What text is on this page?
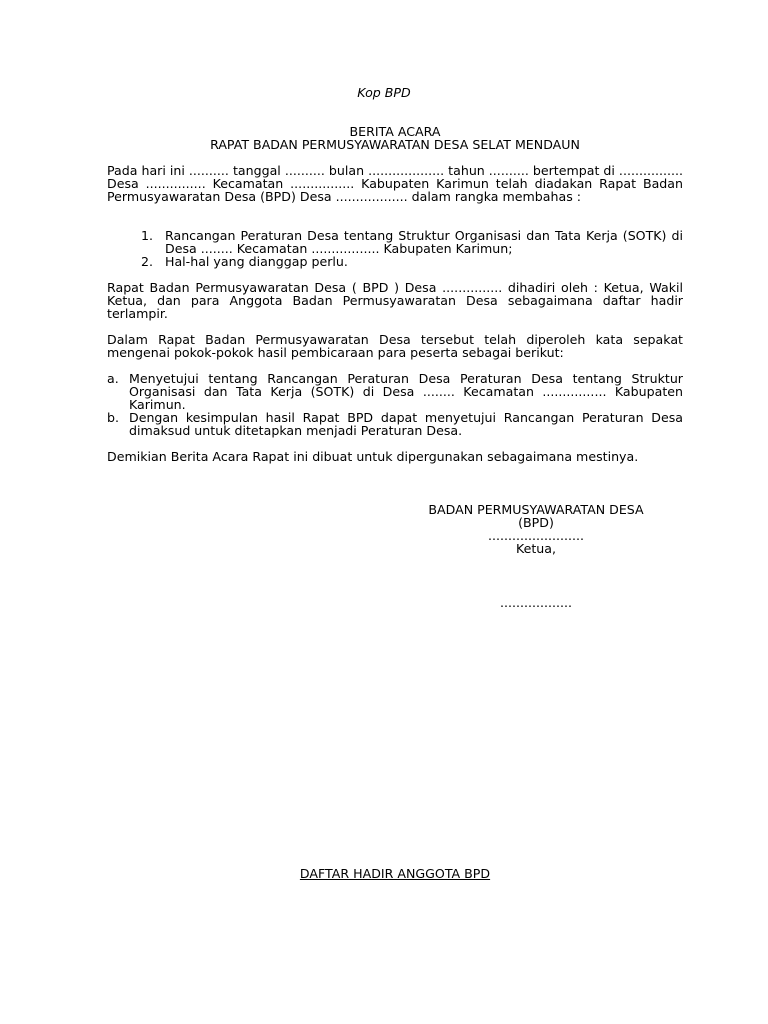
Kop BPD

BERITA ACARA

RAPAT BADAN PERMUSYAWARATAN DESA SELAT MENDAUN

Pada hari ini .......... tanggal .......... bulan ................... tahun .......... bertempat di ................ Desa ............... Kecamatan ................ Kabupaten Karimun telah diadakan Rapat Badan Permusyawaratan Desa (BPD) Desa .................. dalam rangka membahas :

1. Rancangan Peraturan Desa tentang Struktur Organisasi dan Tata Kerja (SOTK) di Desa ........ Kecamatan ................. Kabupaten Karimun;
2. Hal-hal yang dianggap perlu.

Rapat Badan Permusyawaratan Desa ( BPD ) Desa ............... dihadiri oleh : Ketua, Wakil Ketua, dan para Anggota Badan Permusyawaratan Desa sebagaimana daftar hadir terlampir.

Dalam Rapat Badan Permusyawaratan Desa tersebut telah diperoleh kata sepakat mengenai pokok-pokok hasil pembicaraan para peserta sebagai berikut:

a. Menyetujui tentang Rancangan Peraturan Desa Peraturan Desa tentang Struktur Organisasi dan Tata Kerja (SOTK) di Desa ........ Kecamatan ................ Kabupaten Karimun.
b. Dengan kesimpulan hasil Rapat BPD dapat menyetujui Rancangan Peraturan Desa dimaksud untuk ditetapkan menjadi Peraturan Desa.

Demikian Berita Acara Rapat ini dibuat untuk dipergunakan sebagaimana mestinya.

BADAN PERMUSYAWARATAN DESA

(BPD)

........................

Ketua,

..................
DAFTAR HADIR ANGGOTA BPD
